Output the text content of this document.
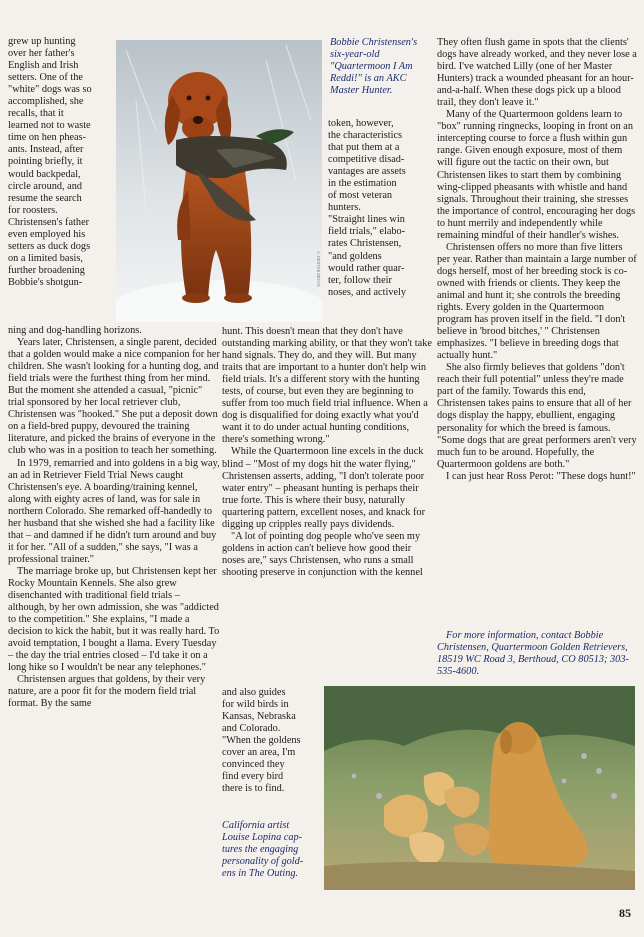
grew up hunting
over her father's
English and Irish
setters. One of the
"white" dogs was so
accomplished, she
recalls, that it
learned not to waste
time on hen pheas-
ants. Instead, after
pointing briefly, it
would backpedal,
circle around, and
resume the search
for roosters.
Christensen's father
even employed his
setters as duck dogs
on a limited basis,
further broadening
Bobbie's shotgun-	© DENVER BRYAN

ning and dog-handling horizons.

Years later, Christensen, a single parent, decided that a golden would make a nice companion for her children. She wasn't looking for a hunting dog, and field trials were the furthest thing from her mind. But the moment she attended a casual, "picnic" trial sponsored by her local retriever club, Christensen was "hooked." She put a deposit down on a field-bred puppy, devoured the training literature, and picked the brains of everyone in the club who was in a position to teach her something.

In 1979, remarried and into goldens in a big way, an ad in Retriever Field Trial News caught Christensen's eye. A boarding/training kennel, along with eighty acres of land, was for sale in northern Colorado. She remarked off-handedly to her husband that she wished she had a facility like that – and damned if he didn't turn around and buy it for her. "All of a sudden," she says, "I was a professional trainer."

The marriage broke up, but Christensen kept her Rocky Mountain Kennels. She also grew disenchanted with traditional field trials – although, by her own admission, she was "addicted to the competition." She explains, "I made a decision to kick the habit, but it was really hard. To avoid temptation, I bought a llama. Every Tuesday – the day the trial entries closed – I'd take it on a long hike so I wouldn't be near any telephones."

Christensen argues that goldens, by their very nature, are a poor fit for the modern field trial format. By the same

Bobbie Christensen's
six-year-old
"Quartermoon I Am
Reddi!" is an AKC
Master Hunter.
token, however,
the characteristics
that put them at a
competitive disad-
vantages are assets
in the estimation
of most veteran
hunters.
"Straight lines win
field trials," elabo-
rates Christensen,
"and goldens
would rather quar-
ter, follow their
noses, and actively

hunt. This doesn't mean that they don't have outstanding marking ability, or that they won't take hand signals. They do, and they will. But many traits that are important to a hunter don't help win field trials. It's a different story with the hunting tests, of course, but even they are beginning to suffer from too much field trial influence. When a dog is disqualified for doing exactly what you'd want it to do under actual hunting conditions, there's something wrong."

While the Quartermoon line excels in the duck blind – "Most of my dogs hit the water flying," Christensen asserts, adding, "I don't tolerate poor water entry" – pheasant hunting is perhaps their true forte. This is where their busy, naturally quartering pattern, excellent noses, and knack for digging up cripples really pays dividends.

"A lot of pointing dog people who've seen my goldens in action can't believe how good their noses are," says Christensen, who runs a small shooting preserve in conjunction with the kennel

and also guides
for wild birds in
Kansas, Nebraska
and Colorado.
"When the goldens
cover an area, I'm
convinced they
find every bird
there is to find.
California artist
Louise Lopina cap-
tures the engaging
personality of gold-
ens in The Outing.

They often flush game in spots that the clients' dogs have already worked, and they never lose a bird. I've watched Lilly (one of her Master Hunters) track a wounded pheasant for an hour-and-a-half. When these dogs pick up a blood trail, they don't leave it."

Many of the Quartermoon goldens learn to "box" running ringnecks, looping in front on an intercepting course to force a flush within gun range. Given enough exposure, most of them will figure out the tactic on their own, but Christensen likes to start them by combining wing-clipped pheasants with whistle and hand signals. Throughout their training, she stresses the importance of control, encouraging her dogs to hunt merrily and independently while remaining mindful of their handler's wishes.

Christensen offers no more than five litters per year. Rather than maintain a large number of dogs herself, most of her breeding stock is co-owned with friends or clients. They keep the animal and hunt it; she controls the breeding rights. Every golden in the Quartermoon program has proven itself in the field. "I don't believe in 'brood bitches,' " Christensen emphasizes. "I believe in breeding dogs that actually hunt."

She also firmly believes that goldens "don't reach their full potential" unless they're made part of the family. Towards this end, Christensen takes pains to ensure that all of her dogs display the happy, ebullient, engaging personality for which the breed is famous. "Some dogs that are great performers aren't very much fun to be around. Hopefully, the Quartermoon goldens are both."

I can just hear Ross Perot: "These dogs hunt!"

For more information, contact Bobbie Christensen, Quartermoon Golden Retrievers, 18519 WC Road 3, Berthoud, CO 80513; 303-535-4600.
85
